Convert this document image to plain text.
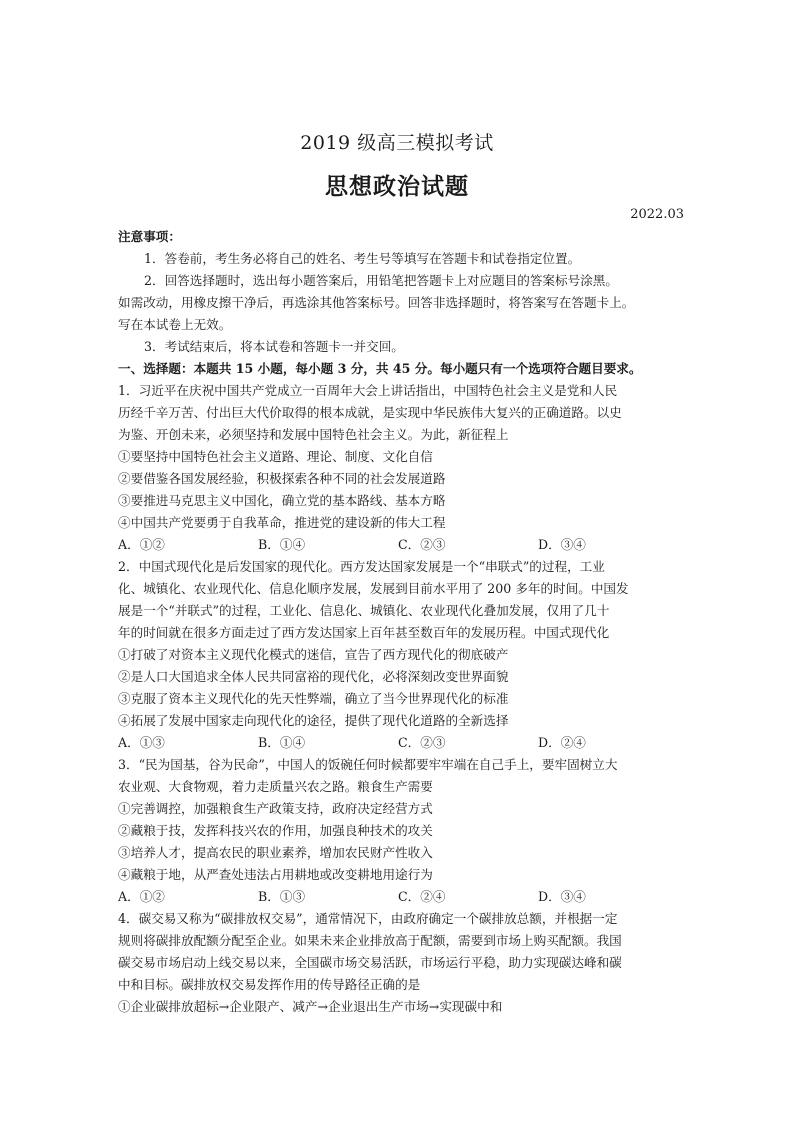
2019 级高三模拟考试
思想政治试题
2022.03
注意事项：
1．答卷前，考生务必将自己的姓名、考生号等填写在答题卡和试卷指定位置。
2．回答选择题时，选出每小题答案后，用铅笔把答题卡上对应题目的答案标号涂黑。
如需改动，用橡皮擦干净后，再选涂其他答案标号。回答非选择题时，将答案写在答题卡上。
写在本试卷上无效。
3．考试结束后，将本试卷和答题卡一并交回。
一、选择题：本题共 15 小题，每小题 3 分，共 45 分。每小题只有一个选项符合题目要求。
1．习近平在庆祝中国共产党成立一百周年大会上讲话指出，中国特色社会主义是党和人民
历经千辛万苦、付出巨大代价取得的根本成就，是实现中华民族伟大复兴的正确道路。以史
为鉴、开创未来，必须坚持和发展中国特色社会主义。为此，新征程上
①要坚持中国特色社会主义道路、理论、制度、文化自信
②要借鉴各国发展经验，积极探索各种不同的社会发展道路
③要推进马克思主义中国化，确立党的基本路线、基本方略
④中国共产党要勇于自我革命，推进党的建设新的伟大工程
A．①②	B．①④	C．②③	D．③④
2．中国式现代化是后发国家的现代化。西方发达国家发展是一个“串联式”的过程，工业
化、城镇化、农业现代化、信息化顺序发展，发展到目前水平用了 200 多年的时间。中国发
展是一个“并联式”的过程，工业化、信息化、城镇化、农业现代化叠加发展，仅用了几十
年的时间就在很多方面走过了西方发达国家上百年甚至数百年的发展历程。中国式现代化
①打破了对资本主义现代化模式的迷信，宣告了西方现代化的彻底破产
②是人口大国追求全体人民共同富裕的现代化，必将深刻改变世界面貌
③克服了资本主义现代化的先天性弊端，确立了当今世界现代化的标准
④拓展了发展中国家走向现代化的途径，提供了现代化道路的全新选择
A．①③	B．①④	C．②③	D．②④
3．“民为国基，谷为民命”，中国人的饭碗任何时候都要牢牢端在自己手上，要牢固树立大
农业观、大食物观，着力走质量兴农之路。粮食生产需要
①完善调控，加强粮食生产政策支持，政府决定经营方式
②藏粮于技，发挥科技兴农的作用，加强良种技术的攻关
③培养人才，提高农民的职业素养，增加农民财产性收入
④藏粮于地，从严查处违法占用耕地或改变耕地用途行为
A．①②	B．①③	C．②④	D．③④
4．碳交易又称为“碳排放权交易”，通常情况下，由政府确定一个碳排放总额，并根据一定
规则将碳排放配额分配至企业。如果未来企业排放高于配额，需要到市场上购买配额。我国
碳交易市场启动上线交易以来，全国碳市场交易活跃，市场运行平稳，助力实现碳达峰和碳
中和目标。碳排放权交易发挥作用的传导路径正确的是
①企业碳排放超标→企业限产、减产→企业退出生产市场→实现碳中和
